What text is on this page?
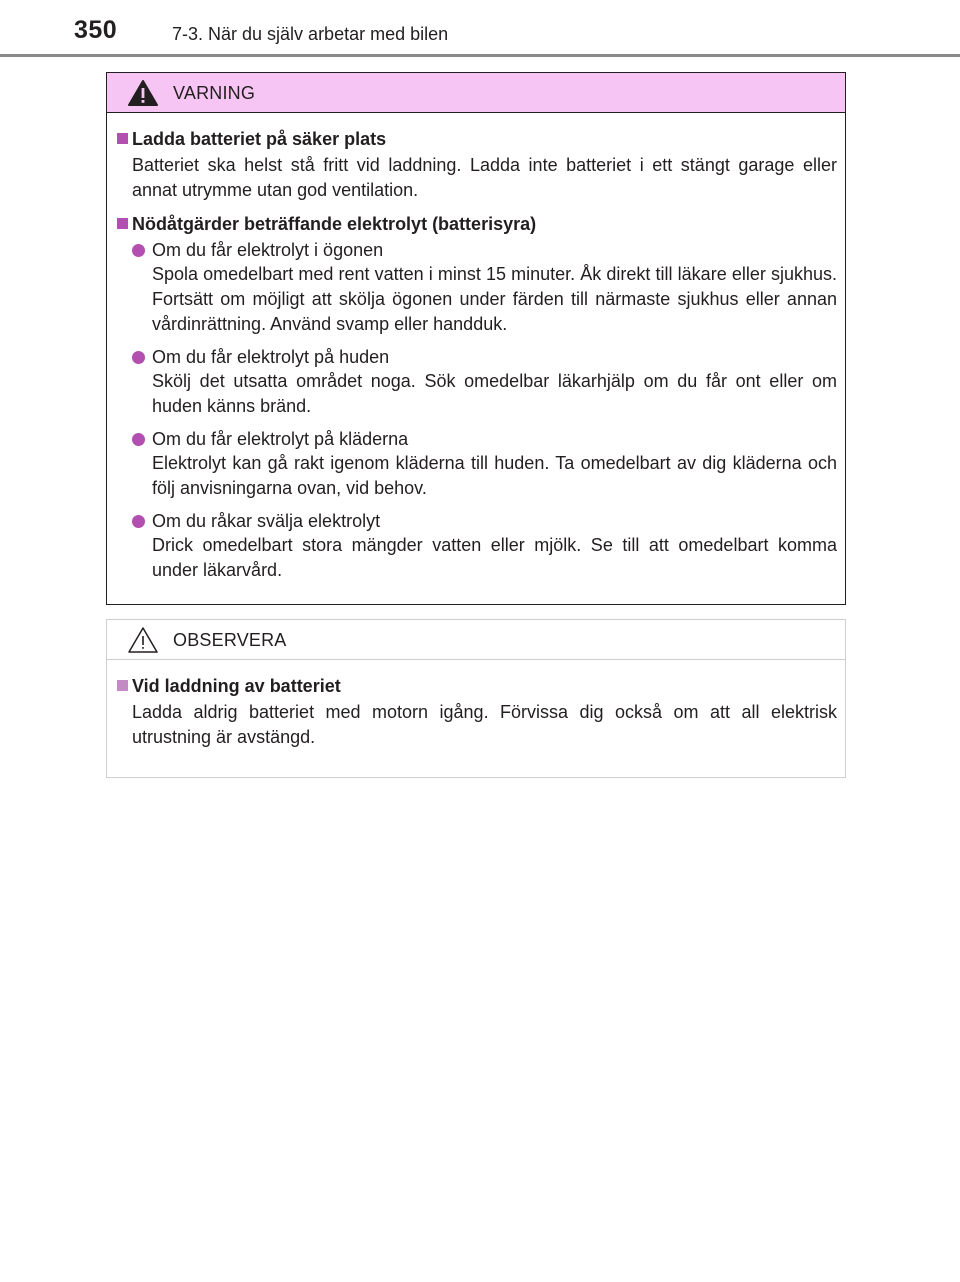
350	7-3. När du själv arbetar med bilen
VARNING
Ladda batteriet på säker plats

Batteriet ska helst stå fritt vid laddning. Ladda inte batteriet i ett stängt garage eller annat utrymme utan god ventilation.

Nödåtgärder beträffande elektrolyt (batterisyra)
Om du får elektrolyt i ögonen
Spola omedelbart med rent vatten i minst 15 minuter. Åk direkt till läkare eller sjukhus. Fortsätt om möjligt att skölja ögonen under färden till närmaste sjukhus eller annan vårdinrättning. Använd svamp eller handduk.
Om du får elektrolyt på huden
Skölj det utsatta området noga. Sök omedelbar läkarhjälp om du får ont eller om huden känns bränd.
Om du får elektrolyt på kläderna
Elektrolyt kan gå rakt igenom kläderna till huden. Ta omedelbart av dig kläderna och följ anvisningarna ovan, vid behov.
Om du råkar svälja elektrolyt
Drick omedelbart stora mängder vatten eller mjölk. Se till att omedelbart komma under läkarvård.
OBSERVERA
Vid laddning av batteriet

Ladda aldrig batteriet med motorn igång. Förvissa dig också om att all elektrisk utrustning är avstängd.
